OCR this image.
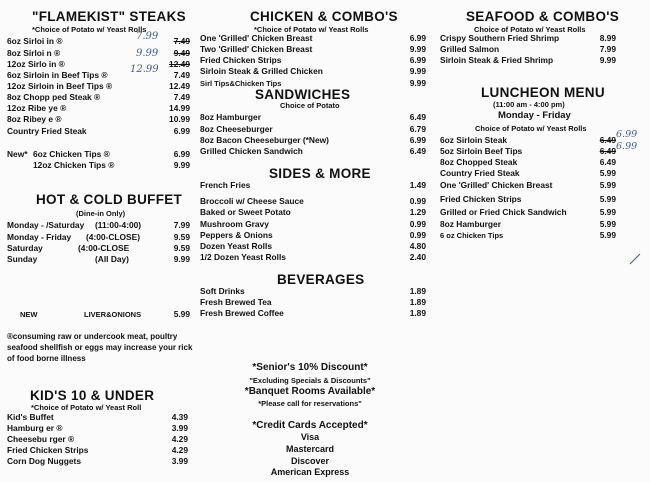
"FLAMEKIST" STEAKS
*Choice of Potato w/ Yeast Rolls
6oz Sirloi in ®	7.49
8oz Sirloi n ®	9.49
12oz Sirlo in ®	12.49
6oz Sirloin in Beef Tips ®	7.49
12oz Sirloin in Beef Tips ®	12.49
8oz Chopp ped Steak ®	7.49
12oz Ribe ye ®	14.99
8oz Ribey e ®	10.99
Country Fried Steak	6.99
7.99
9.99
12.99
New* 6oz Chicken Tips ®	6.99
12oz Chicken Tips ®	9.99
HOT & COLD BUFFET
(Dine-in Only)
Monday - /Saturday (11:00-4:00)	7.99
Monday - Friday (4:00-CLOSE)	9.59
Saturday	(4:00-CLOSE	9.59
Sunday	(All Day)	9.99
NEW	LIVER&ONIONS	5.99
®consuming raw or undercook meat, poultry seafood shellfish or eggs may increase your rick of food borne illness
KID'S 10 & UNDER
*Choice of Potato w/ Yeast Roll
Kid's Buffet	4.39
Hamburg er ®	3.99
Cheesebu rger ®	4.29
Fried Chicken Strips	4.29
Corn Dog Nuggets	3.99
CHICKEN & COMBO'S
*Choice of Potato w/ Yeast Rolls
One 'Grilled' Chicken Breast	6.99
Two 'Grilled' Chicken Breast	9.99
Fried Chicken Strips	6.99
Sirloin Steak & Grilled Chicken	9.99
Sirl Tips&Chicken Tips	9.99
SANDWICHES
Choice of Potato
8oz Hamburger	6.49
8oz Cheeseburger	6.79
8oz Bacon Cheeseburger (*New)	6.99
Grilled Chicken Sandwich	6.49
SIDES & MORE
French Fries	1.49
Broccoli w/ Cheese Sauce	0.99
Baked or Sweet Potato	1.29
Mushroom Gravy	0.99
Peppers & Onions	0.99
Dozen Yeast Rolls	4.80
1/2 Dozen Yeast Rolls	2.40
BEVERAGES
Soft Drinks	1.89
Fresh Brewed Tea	1.89
Fresh Brewed Coffee	1.89
*Senior's 10% Discount*
"Excluding Specials & Discounts"
*Banquet Rooms Available*
*Please call for reservations"
*Credit Cards Accepted*
Visa
Mastercard
Discover
American Express
SEAFOOD & COMBO'S
Choice of Potato w/ Yeast Rolls
Crispy Southern Fried Shrimp	8.99
Grilled Salmon	7.99
Sirloin Steak & Fried Shrimp	9.99
LUNCHEON MENU
(11:00 am - 4:00 pm)
Monday - Friday
Choice of Potato w/ Yeast Rolls
6oz Sirloin Steak	6.49
5oz Sirloin Beef Tips	6.49
8oz Chopped Steak	6.49
Country Fried Steak	5.99
One 'Grilled' Chicken Breast	5.99
Fried Chicken Strips	5.99
Grilled or Fried Chick Sandwich	5.99
8oz Hamburger	5.99
6 oz Chicken Tips	5.99
6.99
6.99
